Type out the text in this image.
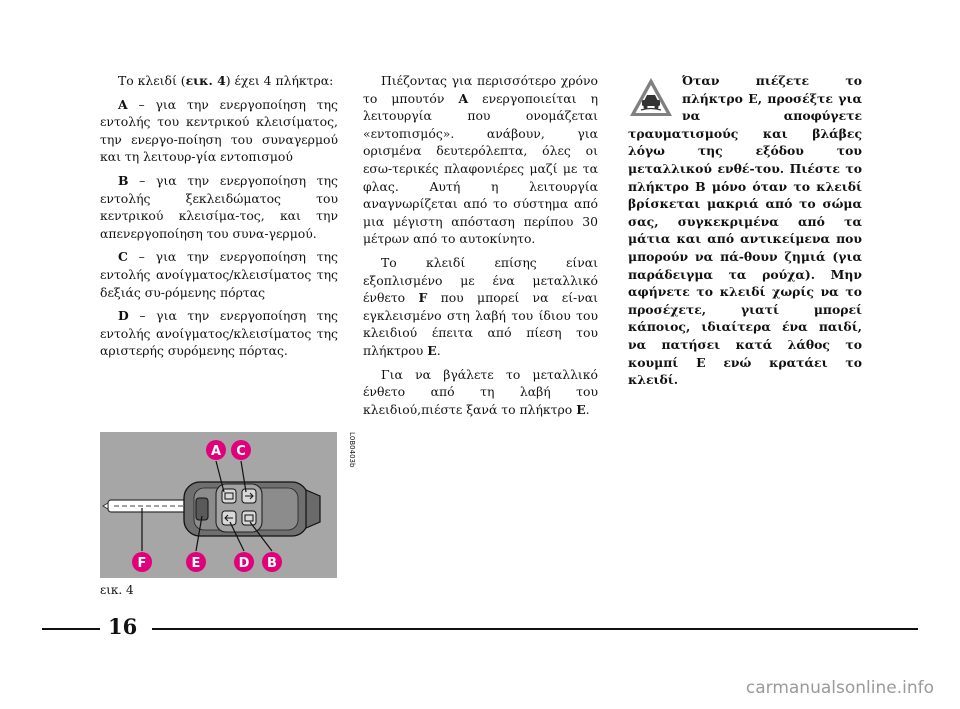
Το κλειδί (εικ. 4) έχει 4 πλήκτρα:

A – για την ενεργοποίηση της εντολής του κεντρικού κλεισίματος, την ενεργο-ποίηση του συναγερμού και τη λειτουρ-γία εντοπισμού

B – για την ενεργοποίηση της εντολής ξεκλειδώματος του κεντρικού κλεισίμα-τος, και την απενεργοποίηση του συνα-γερμού.

C – για την ενεργοποίηση της εντολής ανοίγματος/κλεισίματος της δεξιάς συ-ρόμενης πόρτας

D – για την ενεργοποίηση της εντολής ανοίγματος/κλεισίματος της αριστερής συρόμενης πόρτας.

Πιέζοντας για περισσότερο χρόνο το μπουτόν A ενεργοποιείται η λειτουργία που ονομάζεται «εντοπισμός». ανάβουν, για ορισμένα δευτερόλεπτα, όλες οι εσω-τερικές πλαφονιέρες μαζί με τα φλας. Αυτή η λειτουργία αναγνωρίζεται από το σύστημα από μια μέγιστη απόσταση περίπου 30 μέτρων από το αυτοκίνητο.

Το κλειδί επίσης είναι εξοπλισμένο με ένα μεταλλικό ένθετο F που μπορεί να εί-ναι εγκλεισμένο στη λαβή του ίδιου του κλειδιού έπειτα από πίεση του πλήκτρου E.

Για να βγάλετε το μεταλλικό ένθετο από τη λαβή του κλειδιού,πιέστε ξανά το πλήκτρο E.

Όταν πιέζετε το πλήκτρο E, προσέξτε για να αποφύγετε τραυματισμούς και βλάβες λόγω της εξόδου του μεταλλικού ενθέ-του. Πιέστε το πλήκτρο B μόνο όταν το κλειδί βρίσκεται μακριά από το σώμα σας, συγκεκριμένα από τα μάτια και από αντικείμενα που μπορούν να πά-θουν ζημιά (για παράδειγμα τα ρούχα). Μην αφήνετε το κλειδί χωρίς να το προσέχετε, γιατί μπορεί κάποιος, ιδιαίτερα ένα παιδί, να πατήσει κατά λάθος το κουμπί E ενώ κρατάει το κλειδί.

A C
F	E	D B
L0B0403b
εικ. 4
16
carmanualsonline.info
